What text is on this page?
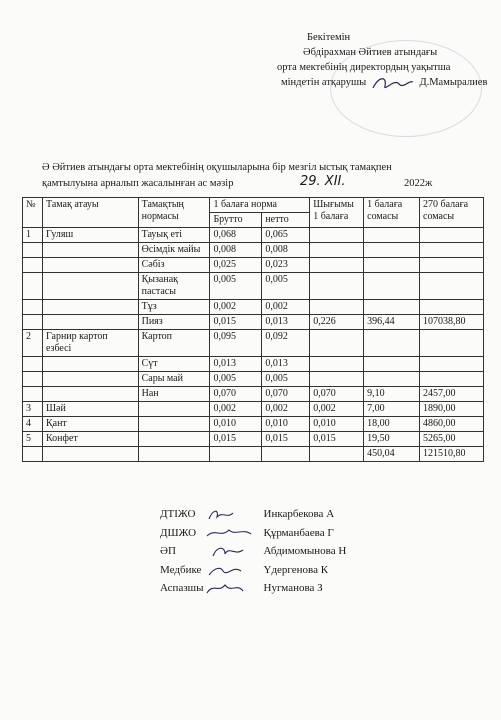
Бекітемін
Әбдірахман Әйтиев атындағы
орта мектебінің директордың уақытша
міндетін атқарушы	Д.Мамыралиев
Ә Әйтиев атындағы орта мектебінің оқушыларына бір мезгіл ыстық тамақпен
қамтылуына арналып жасалынған ас мәзір	29. XII.	2022ж
№	Тамақ атауы	Тамақтың нормасы	1 балаға норма		Шығымы 1 балаға	1 балаға сомасы	270 балаға сомасы
			Брутто	нетто			
1	Гуляш	Тауық еті	0,068	0,065			
		Өсімдік майы	0,008	0,008			
		Сәбіз	0,025	0,023			
		Қызанақ пастасы	0,005	0,005			
		Тұз	0,002	0,002			
		Пияз	0,015	0,013	0,226	396,44	107038,80
2	Гарнир картоп езбесі	Картоп	0,095	0,092			
		Сүт	0,013	0,013			
		Сары май	0,005	0,005			
		Нан	0,070	0,070	0,070	9,10	2457,00
3	Шәй		0,002	0,002	0,002	7,00	1890,00
4	Қант		0,010	0,010	0,010	18,00	4860,00
5	Конфет		0,015	0,015	0,015	19,50	5265,00
						450,04	121510,80
ДТІЖО	Инкарбекова А
ДШЖО	Құрманбаева Г
ӘП	Абдимомынова Н
Медбике	Үдергенова К
Аспазшы	Нугманова З
